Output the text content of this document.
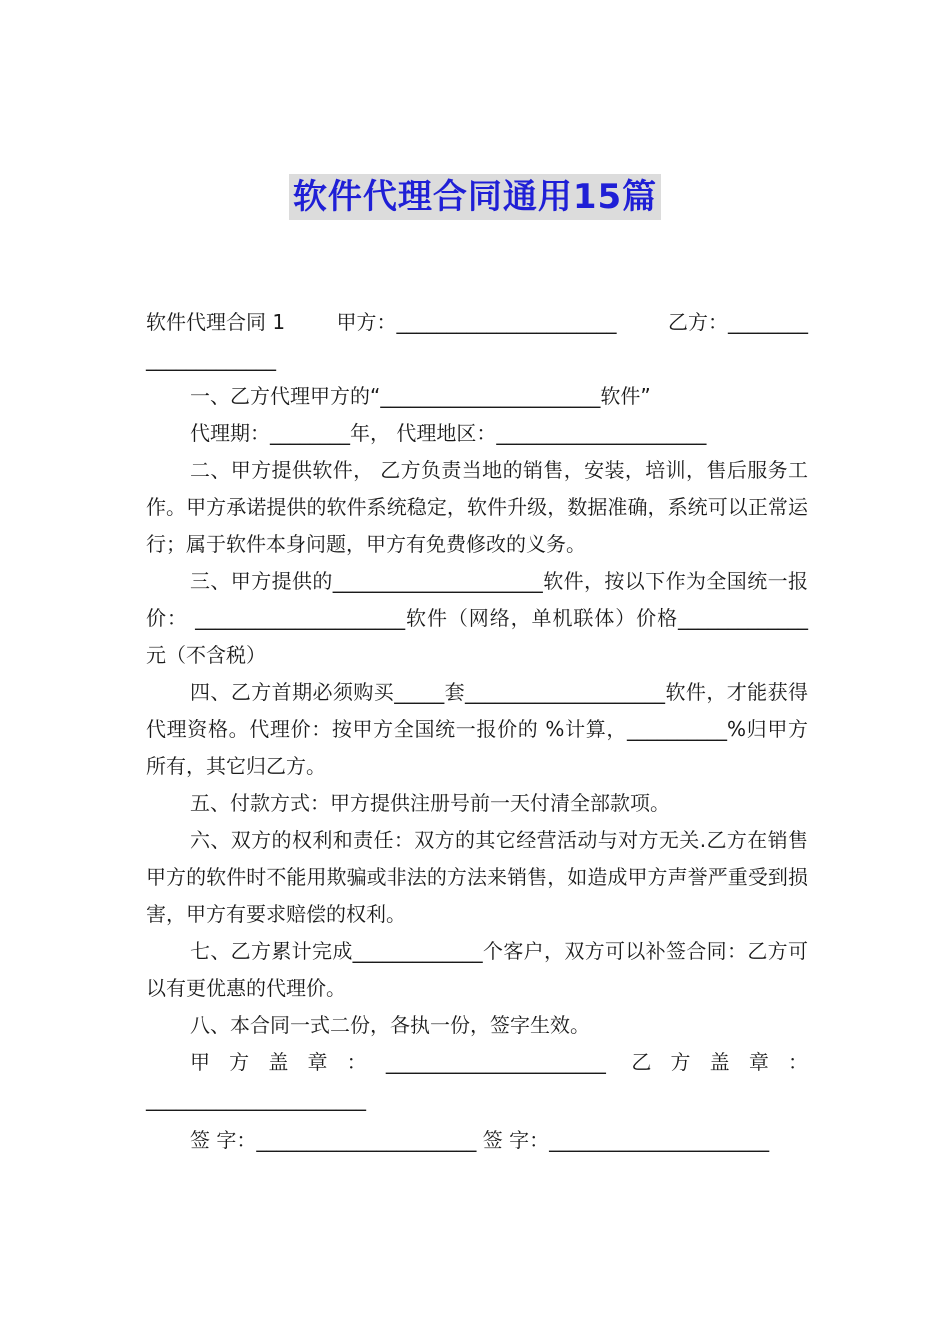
软件代理合同通用15篇
软件代理合同 1	甲方：______________________	乙方：________

_____________

一、乙方代理甲方的“______________________软件”

代理期：________年， 代理地区：_____________________

二、甲方提供软件， 乙方负责当地的销售，安装，培训，售后服务工作。甲方承诺提供的软件系统稳定，软件升级，数据准确，系统可以正常运行；属于软件本身问题，甲方有免费修改的义务。

三、甲方提供的_____________________软件，按以下作为全国统一报价： _____________________软件（网络，单机联体）价格_____________元（不含税）

四、乙方首期必须购买_____套____________________软件，才能获得代理资格。代理价：按甲方全国统一报价的 %计算，__________%归甲方所有，其它归乙方。

五、付款方式：甲方提供注册号前一天付清全部款项。

六、双方的权利和责任：双方的其它经营活动与对方无关.乙方在销售甲方的软件时不能用欺骗或非法的方法来销售，如造成甲方声誉严重受到损害，甲方有要求赔偿的权利。

七、乙方累计完成_____________个客户，双方可以补签合同：乙方可以有更优惠的代理价。

八、本合同一式二份，各执一份，签字生效。

甲方盖章：______________________ 乙方盖章：______________________

签 字：______________________ 签 字：______________________
